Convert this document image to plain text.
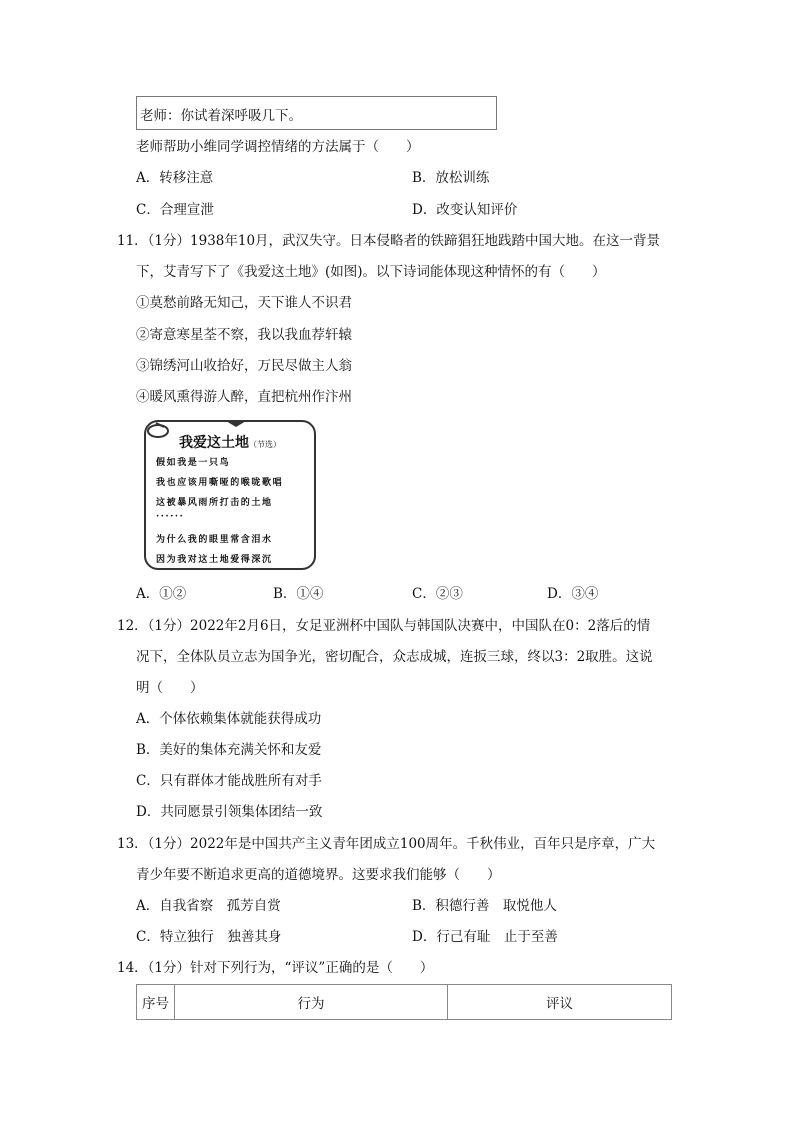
老师：你试着深呼吸几下。
老师帮助小维同学调控情绪的方法属于（　　）
A．转移注意	B．放松训练
C．合理宣泄	D．改变认知评价
11．（1分）1938年10月，武汉失守。日本侵略者的铁蹄猖狂地践踏中国大地。在这一背景
下，艾青写下了《我爱这土地》(如图)。以下诗词能体现这种情怀的有（　　）
①莫愁前路无知己，天下谁人不识君
②寄意寒星荃不察，我以我血荐轩辕
③锦绣河山收拾好，万民尽做主人翁
④暖风熏得游人醉，直把杭州作汴州
我爱这土地（节选）
假如我是一只鸟
我也应该用嘶哑的喉咙歌唱
这被暴风雨所打击的土地
······
为什么我的眼里常含泪水
因为我对这土地爱得深沉
A．①②	B．①④	C．②③	D．③④
12．（1分）2022年2月6日，女足亚洲杯中国队与韩国队决赛中，中国队在0：2落后的情
况下，全体队员立志为国争光，密切配合，众志成城，连扳三球，终以3：2取胜。这说
明（　　）
A．个体依赖集体就能获得成功
B．美好的集体充满关怀和友爱
C．只有群体才能战胜所有对手
D．共同愿景引领集体团结一致
13．（1分）2022年是中国共产主义青年团成立100周年。千秋伟业，百年只是序章，广大
青少年要不断追求更高的道德境界。这要求我们能够（　　）
A．自我省察　孤芳自赏	B．积德行善　取悦他人
C．特立独行　独善其身	D．行己有耻　止于至善
14．（1分）针对下列行为，“评议”正确的是（　　）
序号	行为	评议
